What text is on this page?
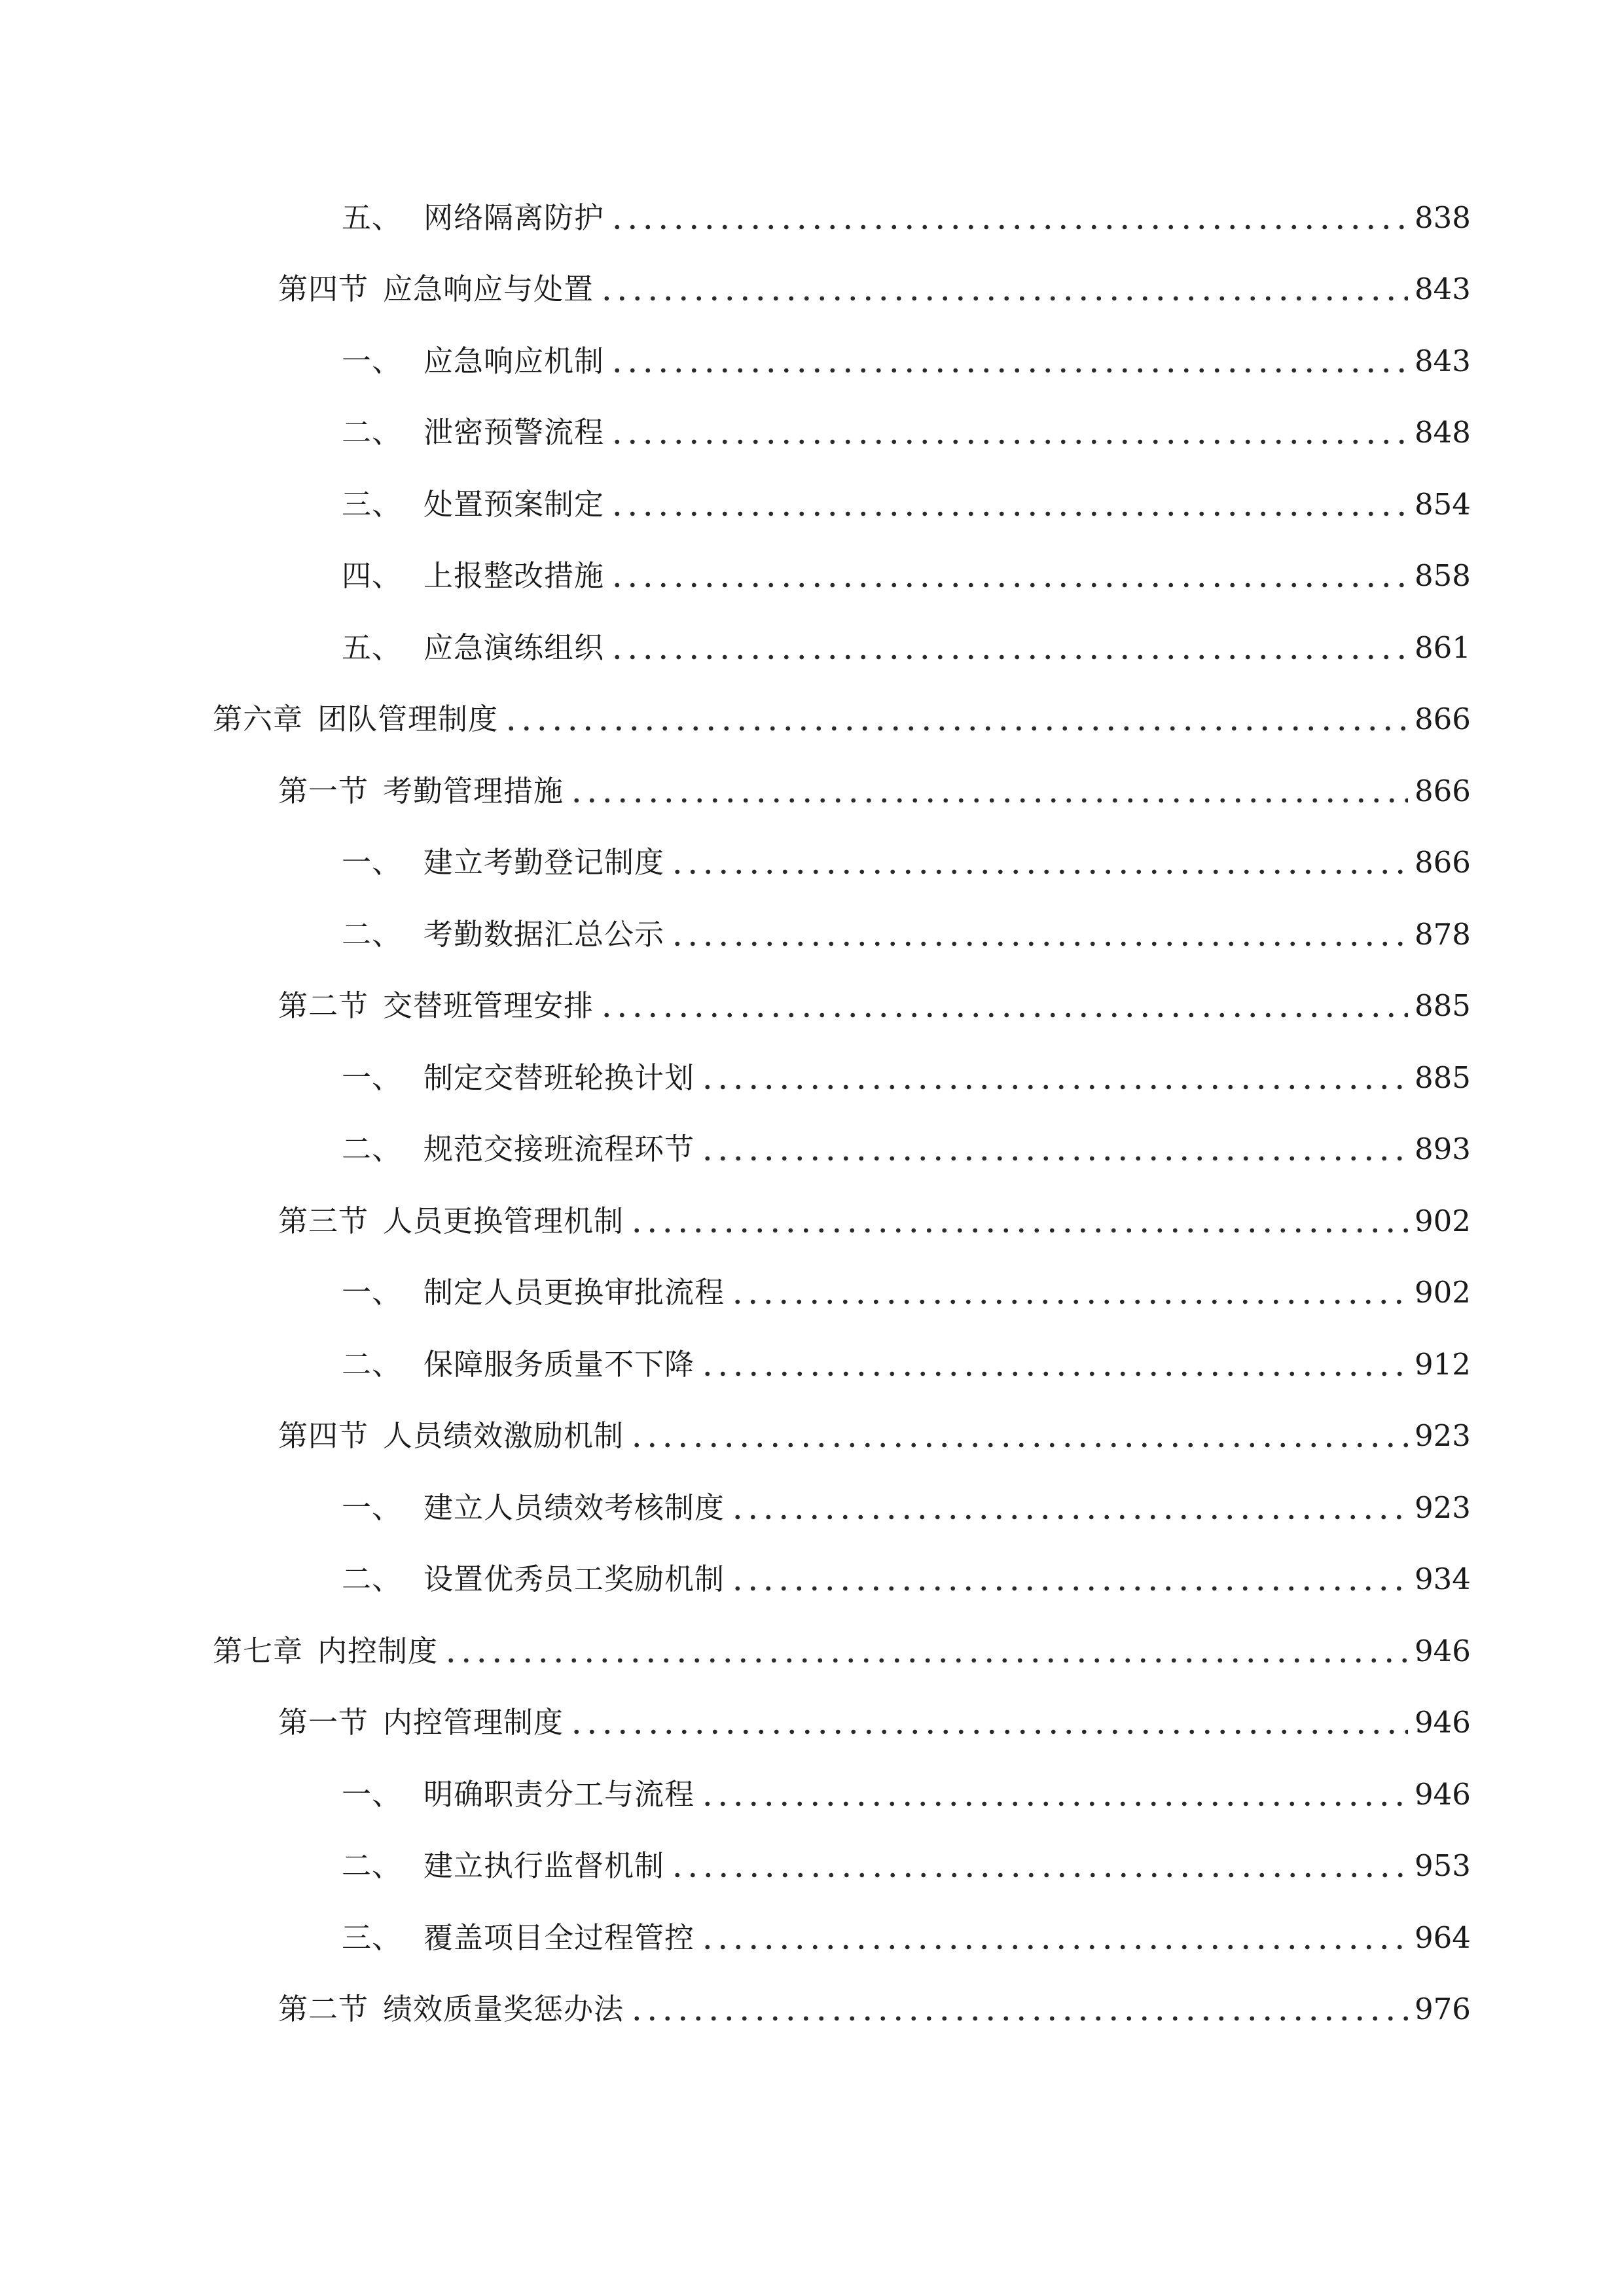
五、 网络隔离防护	838
第四节 应急响应与处置	843
一、 应急响应机制	843
二、 泄密预警流程	848
三、 处置预案制定	854
四、 上报整改措施	858
五、 应急演练组织	861
第六章 团队管理制度	866
第一节 考勤管理措施	866
一、 建立考勤登记制度	866
二、 考勤数据汇总公示	878
第二节 交替班管理安排	885
一、 制定交替班轮换计划	885
二、 规范交接班流程环节	893
第三节 人员更换管理机制	902
一、 制定人员更换审批流程	902
二、 保障服务质量不下降	912
第四节 人员绩效激励机制	923
一、 建立人员绩效考核制度	923
二、 设置优秀员工奖励机制	934
第七章 内控制度	946
第一节 内控管理制度	946
一、 明确职责分工与流程	946
二、 建立执行监督机制	953
三、 覆盖项目全过程管控	964
第二节 绩效质量奖惩办法	976
